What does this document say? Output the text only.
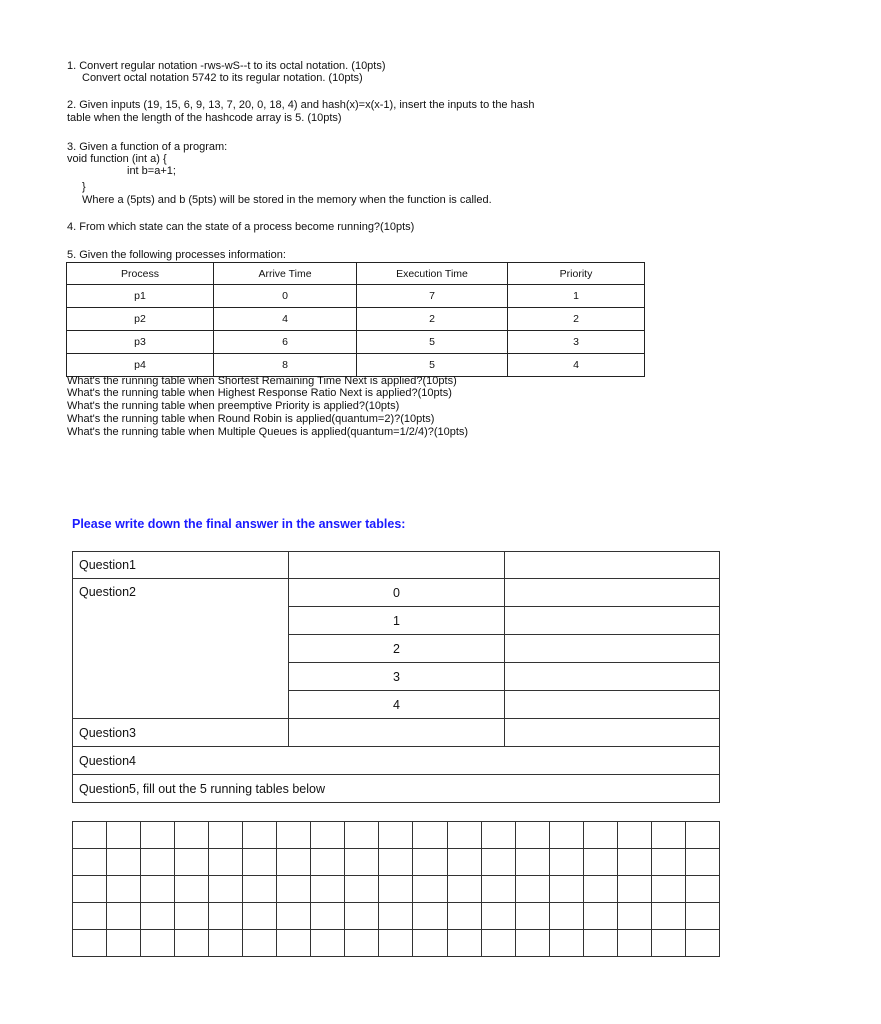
1. Convert regular notation -rws-wS--t to its octal notation. (10pts)
Convert octal notation 5742 to its regular notation. (10pts)
2. Given inputs (19, 15, 6, 9, 13, 7, 20, 0, 18, 4) and hash(x)=x(x-1), insert the inputs to the hash
table when the length of the hashcode array is 5. (10pts)
3. Given a function of a program:
void function (int a) {
int b=a+1;
}
Where a (5pts) and b (5pts) will be stored in the memory when the function is called.
4. From which state can the state of a process become running?(10pts)
5. Given the following processes information:
Process	Arrive Time	Execution Time	Priority
p1	0	7	1
p2	4	2	2
p3	6	5	3
p4	8	5	4
What's the running table when Shortest Remaining Time Next is applied?(10pts)
What's the running table when Highest Response Ratio Next is applied?(10pts)
What's the running table when preemptive Priority is applied?(10pts)
What's the running table when Round Robin is applied(quantum=2)?(10pts)
What's the running table when Multiple Queues is applied(quantum=1/2/4)?(10pts)
Please write down the final answer in the answer tables:
Question1		
Question2	0	
	1	
	2	
	3	
	4	
Question3		
Question4		
Question5, fill out the 5 running tables below		
